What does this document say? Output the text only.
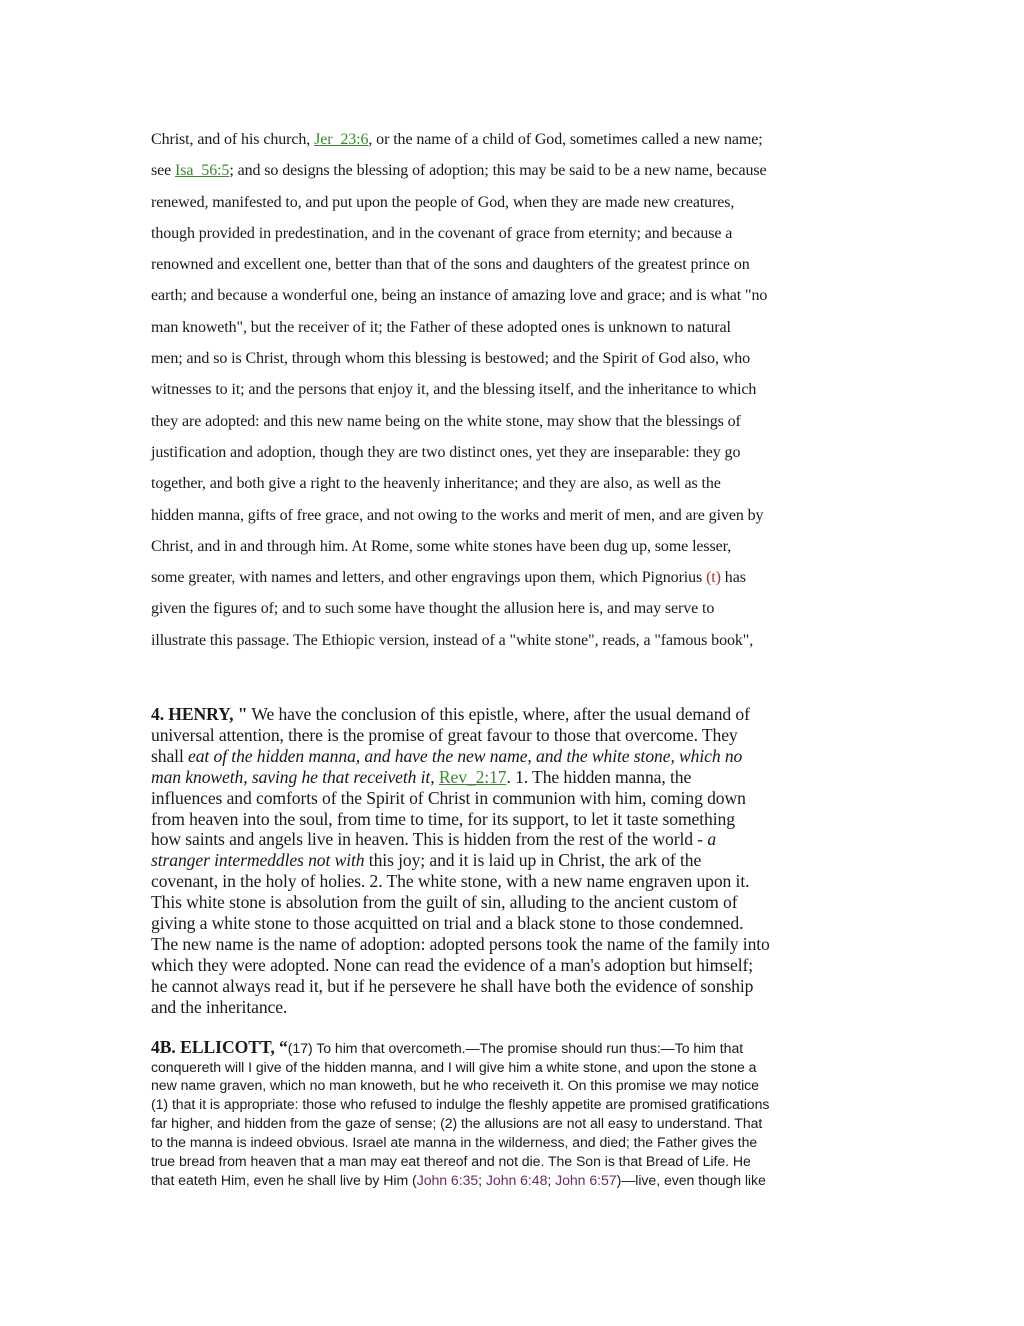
Christ, and of his church, Jer_23:6, or the name of a child of God, sometimes called a new name;
see Isa_56:5; and so designs the blessing of adoption; this may be said to be a new name, because
renewed, manifested to, and put upon the people of God, when they are made new creatures,
though provided in predestination, and in the covenant of grace from eternity; and because a
renowned and excellent one, better than that of the sons and daughters of the greatest prince on
earth; and because a wonderful one, being an instance of amazing love and grace; and is what "no
man knoweth", but the receiver of it; the Father of these adopted ones is unknown to natural
men; and so is Christ, through whom this blessing is bestowed; and the Spirit of God also, who
witnesses to it; and the persons that enjoy it, and the blessing itself, and the inheritance to which
they are adopted: and this new name being on the white stone, may show that the blessings of
justification and adoption, though they are two distinct ones, yet they are inseparable: they go
together, and both give a right to the heavenly inheritance; and they are also, as well as the
hidden manna, gifts of free grace, and not owing to the works and merit of men, and are given by
Christ, and in and through him. At Rome, some white stones have been dug up, some lesser,
some greater, with names and letters, and other engravings upon them, which Pignorius (t) has
given the figures of; and to such some have thought the allusion here is, and may serve to
illustrate this passage. The Ethiopic version, instead of a "white stone", reads, a "famous book",
4. HENRY, " We have the conclusion of this epistle, where, after the usual demand of
universal attention, there is the promise of great favour to those that overcome. They
shall eat of the hidden manna, and have the new name, and the white stone, which no
man knoweth, saving he that receiveth it, Rev_2:17. 1. The hidden manna, the
influences and comforts of the Spirit of Christ in communion with him, coming down
from heaven into the soul, from time to time, for its support, to let it taste something
how saints and angels live in heaven. This is hidden from the rest of the world - a
stranger intermeddles not with this joy; and it is laid up in Christ, the ark of the
covenant, in the holy of holies. 2. The white stone, with a new name engraven upon it.
This white stone is absolution from the guilt of sin, alluding to the ancient custom of
giving a white stone to those acquitted on trial and a black stone to those condemned.
The new name is the name of adoption: adopted persons took the name of the family into
which they were adopted. None can read the evidence of a man's adoption but himself;
he cannot always read it, but if he persevere he shall have both the evidence of sonship
and the inheritance.
4B. ELLICOTT, “(17) To him that overcometh.—The promise should run thus:—To him that
conquereth will I give of the hidden manna, and I will give him a white stone, and upon the stone a
new name graven, which no man knoweth, but he who receiveth it. On this promise we may notice
(1) that it is appropriate: those who refused to indulge the fleshly appetite are promised gratifications
far higher, and hidden from the gaze of sense; (2) the allusions are not all easy to understand. That
to the manna is indeed obvious. Israel ate manna in the wilderness, and died; the Father gives the
true bread from heaven that a man may eat thereof and not die. The Son is that Bread of Life. He
that eateth Him, even he shall live by Him (John 6:35; John 6:48; John 6:57)—live, even though like
